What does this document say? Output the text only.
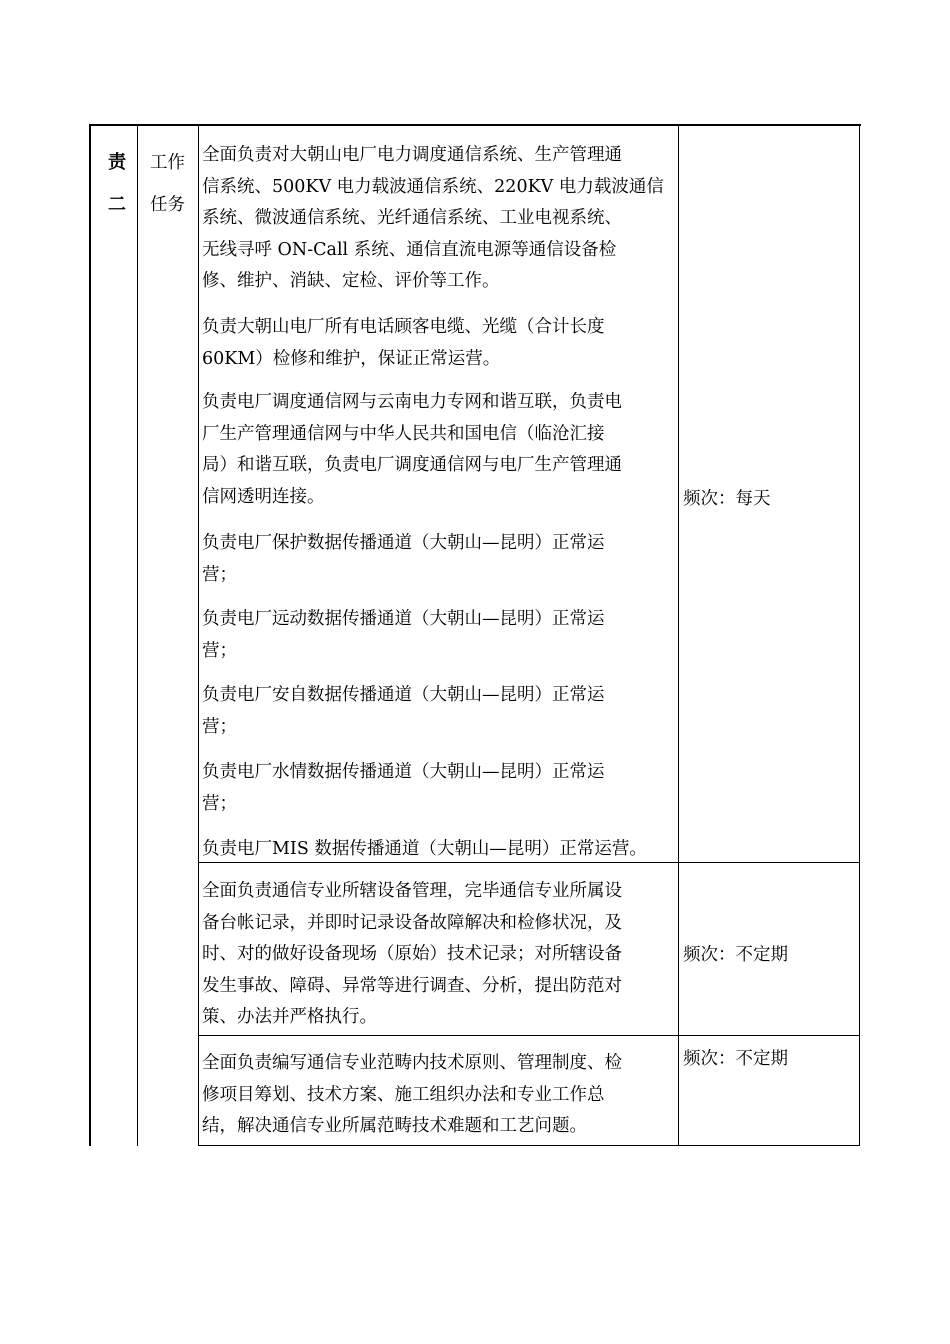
责
二
工作
任务
全面负责对大朝山电厂电力调度通信系统、生产管理通
信系统、500KV 电力载波通信系统、220KV 电力载波通信
系统、微波通信系统、光纤通信系统、工业电视系统、
无线寻呼 ON-Call 系统、通信直流电源等通信设备检
修、维护、消缺、定检、评价等工作。
负责大朝山电厂所有电话顾客电缆、光缆（合计长度
60KM）检修和维护，保证正常运营。
负责电厂调度通信网与云南电力专网和谐互联，负责电
厂生产管理通信网与中华人民共和国电信（临沧汇接
局）和谐互联，负责电厂调度通信网与电厂生产管理通
信网透明连接。
负责电厂保护数据传播通道（大朝山—昆明）正常运
营；
负责电厂远动数据传播通道（大朝山—昆明）正常运
营；
负责电厂安自数据传播通道（大朝山—昆明）正常运
营；
负责电厂水情数据传播通道（大朝山—昆明）正常运
营；
负责电厂MIS 数据传播通道（大朝山—昆明）正常运营。
频次：每天
全面负责通信专业所辖设备管理，完毕通信专业所属设
备台帐记录，并即时记录设备故障解决和检修状况，及
时、对的做好设备现场（原始）技术记录；对所辖设备
发生事故、障碍、异常等进行调查、分析，提出防范对
策、办法并严格执行。
频次：不定期
全面负责编写通信专业范畴内技术原则、管理制度、检
修项目筹划、技术方案、施工组织办法和专业工作总
结，解决通信专业所属范畴技术难题和工艺问题。
频次：不定期
